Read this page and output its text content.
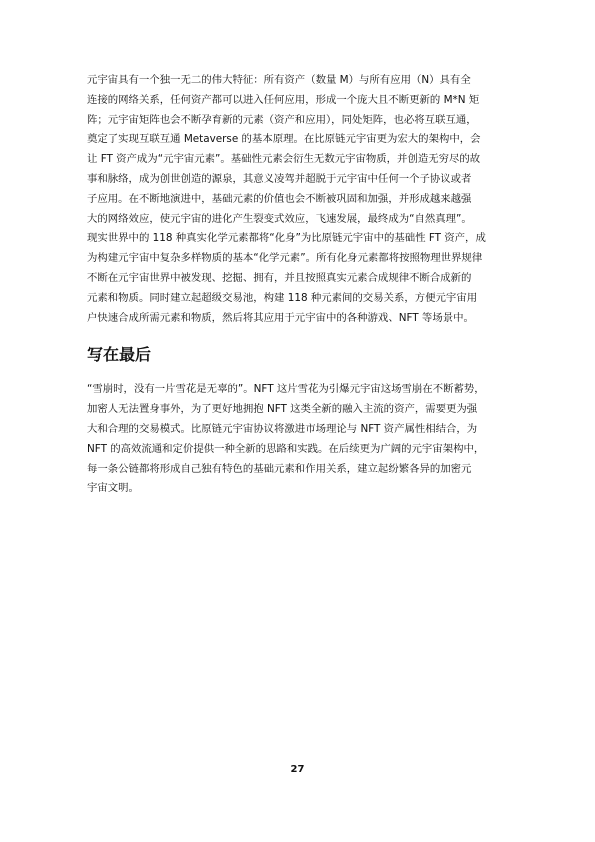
元宇宙具有一个独一无二的伟大特征：所有资产（数量 M）与所有应用（N）具有全
连接的网络关系，任何资产都可以进入任何应用，形成一个庞大且不断更新的 M*N 矩
阵；元宇宙矩阵也会不断孕育新的元素（资产和应用），同处矩阵，也必将互联互通，
奠定了实现互联互通 Metaverse 的基本原理。在比原链元宇宙更为宏大的架构中，会
让 FT 资产成为“元宇宙元素”。基础性元素会衍生无数元宇宙物质，并创造无穷尽的故
事和脉络，成为创世创造的源泉，其意义凌驾并超脱于元宇宙中任何一个子协议或者
子应用。在不断地演进中，基础元素的价值也会不断被巩固和加强，并形成越来越强
大的网络效应，使元宇宙的进化产生裂变式效应，飞速发展，最终成为“自然真理”。
现实世界中的 118 种真实化学元素都将“化身”为比原链元宇宙中的基础性 FT 资产，成
为构建元宇宙中复杂多样物质的基本“化学元素”。所有化身元素都将按照物理世界规律
不断在元宇宙世界中被发现、挖掘、拥有，并且按照真实元素合成规律不断合成新的
元素和物质。同时建立起超级交易池，构建 118 种元素间的交易关系，方便元宇宙用
户快速合成所需元素和物质，然后将其应用于元宇宙中的各种游戏、NFT 等场景中。
写在最后
“雪崩时，没有一片雪花是无辜的”。NFT 这片雪花为引爆元宇宙这场雪崩在不断蓄势，
加密人无法置身事外，为了更好地拥抱 NFT 这类全新的融入主流的资产，需要更为强
大和合理的交易模式。比原链元宇宙协议将激进市场理论与 NFT 资产属性相结合，为
NFT 的高效流通和定价提供一种全新的思路和实践。在后续更为广阔的元宇宙架构中，
每一条公链都将形成自己独有特色的基础元素和作用关系，建立起纷繁各异的加密元
宇宙文明。
27
